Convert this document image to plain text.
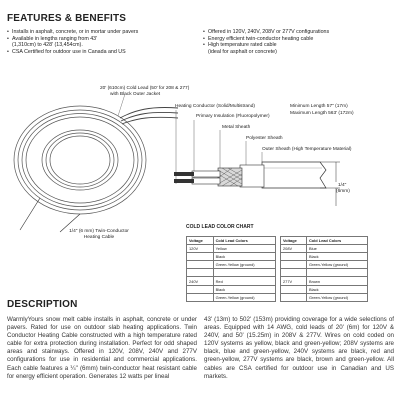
FEATURES & BENEFITS
• Installs in asphalt, concrete, or in mortar under pavers
• Available in lengths ranging from 43'
(1,310cm) to 428' (13,454cm).
• CSA Certified for outdoor use in Canada and US
• Offered in 120V, 240V, 208V or 277V configurations
• Energy efficient twin-conductor heating cable
• High temperature rated cable
(ideal for asphalt or concrete)
20' (610cm) Cold Lead (50' for 208 & 277)
with Black Outer Jacket
1/4" (6 mm) Twin-Conductor
Heating Cable
Heating Conductor (Solid/Multistrand)
Primary Insulation (Fluoropolymer)
Metal Sheath
Polyester Sheath
Outer Sheath (High Temperature Material)
Minimum Length 57" (17m)
Maximum Length 563' (172m)
1/4"
(6mm)
COLD LEAD COLOR CHART
Voltage	Cold Lead Colors
120V	Yellow
	Black
	Green-Yellow (ground)

240V	Red
	Black
	Green-Yellow (ground)
Voltage	Cold Lead Colors
208V	Blue
	Black
	Green-Yellow (ground)

277V	Brown
	Black
	Green-Yellow (ground)
DESCRIPTION
WarmlyYours snow melt cable installs in asphalt, concrete or under pavers. Rated for use on outdoor slab heating applications. Twin Conductor Heating Cable constructed with a high temperature rated cable for extra protection during installation. Perfect for odd shaped areas and stairways. Offered in 120V, 208V, 240V and 277V configurations for use in residential and commercial applications. Each cable features a ¼" (6mm) twin-conductor heat resistant cable for energy efficient operation. Generates 12 watts per lineal
43' (13m) to 502' (153m) providing coverage for a wide selections of areas. Equipped with 14 AWG, cold leads of 20' (6m) for 120V & 240V, and 50' (15.25m) in 208V & 277V. Wires on cold coded on 120V systems as yellow, black and green-yellow; 208V systems are black, blue and green-yellow, 240V systems are black, red and green-yellow, 277V systems are black, brown and green-yellow. All cables are CSA certified for outdoor use in Canadian and US markets.
